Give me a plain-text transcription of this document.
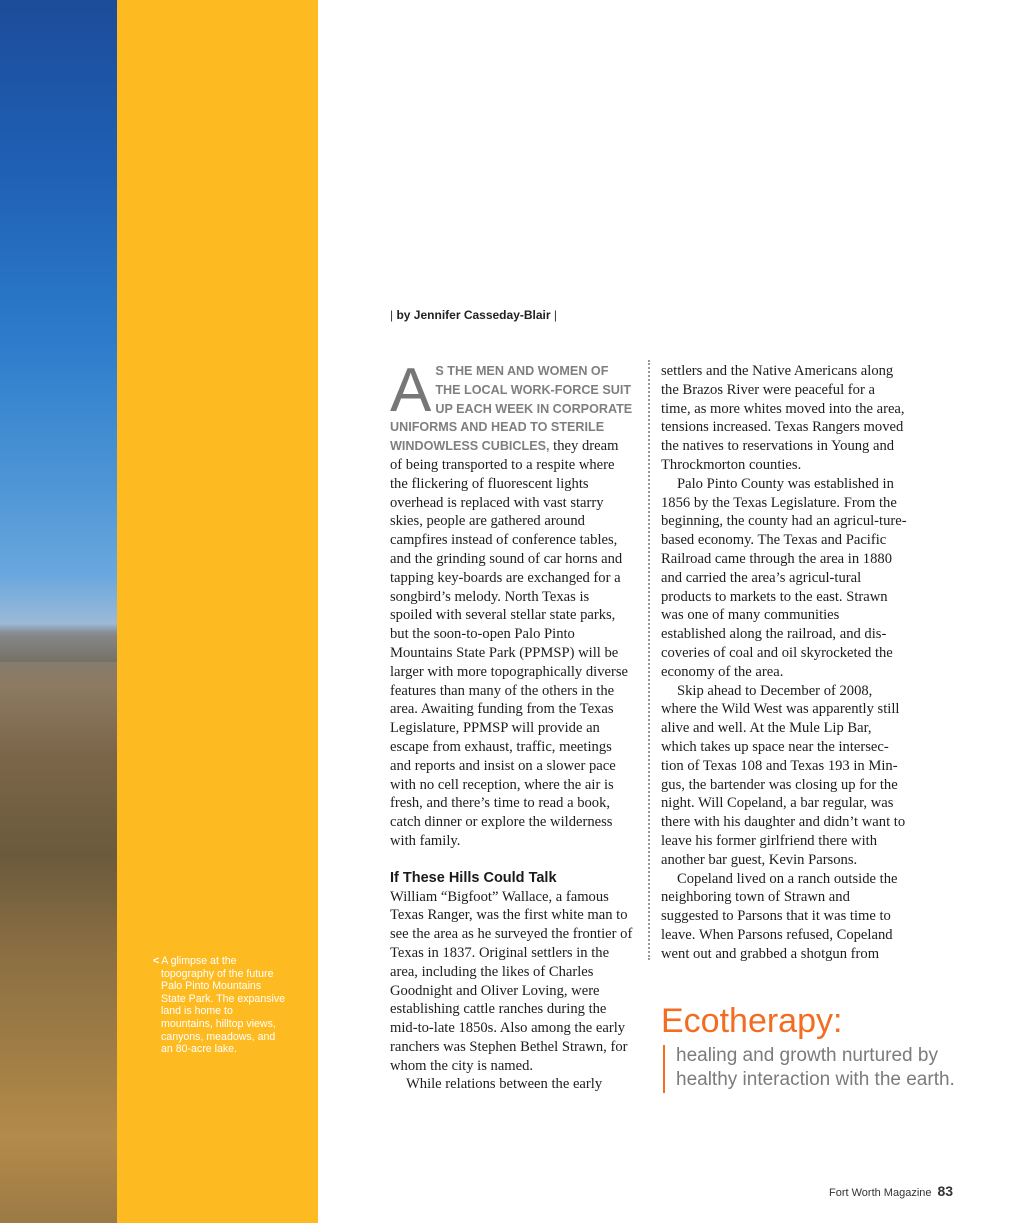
< A glimpse at the topography of the future Palo Pinto Mountains State Park. The expansive land is home to mountains, hilltop views, canyons, meadows, and an 80-acre lake.
| by Jennifer Casseday-Blair |

AS THE MEN AND WOMEN OF THE LOCAL WORK-FORCE SUIT UP EACH WEEK IN CORPORATE UNIFORMS AND HEAD TO STERILE WINDOWLESS CUBICLES, they dream of being transported to a respite where the flickering of fluorescent lights overhead is replaced with vast starry skies, people are gathered around campfires instead of conference tables, and the grinding sound of car horns and tapping key-boards are exchanged for a songbird’s melody. North Texas is spoiled with several stellar state parks, but the soon-to-open Palo Pinto Mountains State Park (PPMSP) will be larger with more topographically diverse features than many of the others in the area. Awaiting funding from the Texas Legislature, PPMSP will provide an escape from exhaust, traffic, meetings and reports and insist on a slower pace with no cell reception, where the air is fresh, and there’s time to read a book, catch dinner or explore the wilderness with family.

If These Hills Could Talk

William “Bigfoot” Wallace, a famous Texas Ranger, was the first white man to see the area as he surveyed the frontier of Texas in 1837. Original settlers in the area, including the likes of Charles Goodnight and Oliver Loving, were establishing cattle ranches during the mid-to-late 1850s. Also among the early ranchers was Stephen Bethel Strawn, for whom the city is named.

While relations between the early

settlers and the Native Americans along the Brazos River were peaceful for a time, as more whites moved into the area, tensions increased. Texas Rangers moved the natives to reservations in Young and Throckmorton counties.

Palo Pinto County was established in 1856 by the Texas Legislature. From the beginning, the county had an agricul-ture-based economy. The Texas and Pacific Railroad came through the area in 1880 and carried the area’s agricul-tural products to markets to the east. Strawn was one of many communities established along the railroad, and dis-coveries of coal and oil skyrocketed the economy of the area.

Skip ahead to December of 2008, where the Wild West was apparently still alive and well. At the Mule Lip Bar, which takes up space near the intersec-tion of Texas 108 and Texas 193 in Min-gus, the bartender was closing up for the night. Will Copeland, a bar regular, was there with his daughter and didn’t want to leave his former girlfriend there with another bar guest, Kevin Parsons.

Copeland lived on a ranch outside the neighboring town of Strawn and suggested to Parsons that it was time to leave. When Parsons refused, Copeland went out and grabbed a shotgun from

Ecotherapy:
healing and growth nurtured by healthy interaction with the earth.
Fort Worth Magazine 83
